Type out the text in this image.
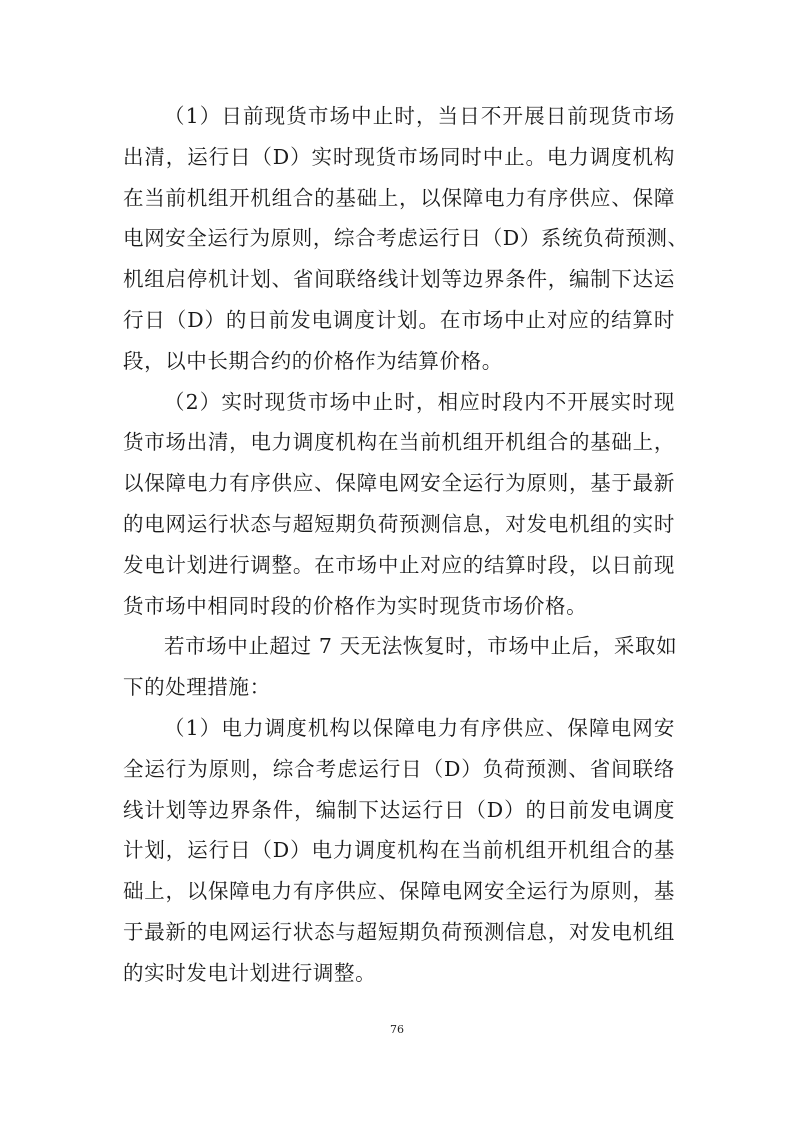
（1）日前现货市场中止时，当日不开展日前现货市场
出清，运行日（D）实时现货市场同时中止。电力调度机构
在当前机组开机组合的基础上，以保障电力有序供应、保障
电网安全运行为原则，综合考虑运行日（D）系统负荷预测、
机组启停机计划、省间联络线计划等边界条件，编制下达运
行日（D）的日前发电调度计划。在市场中止对应的结算时
段，以中长期合约的价格作为结算价格。

（2）实时现货市场中止时，相应时段内不开展实时现
货市场出清，电力调度机构在当前机组开机组合的基础上，
以保障电力有序供应、保障电网安全运行为原则，基于最新
的电网运行状态与超短期负荷预测信息，对发电机组的实时
发电计划进行调整。在市场中止对应的结算时段，以日前现
货市场中相同时段的价格作为实时现货市场价格。

若市场中止超过 7 天无法恢复时，市场中止后，采取如
下的处理措施：

（1）电力调度机构以保障电力有序供应、保障电网安
全运行为原则，综合考虑运行日（D）负荷预测、省间联络
线计划等边界条件，编制下达运行日（D）的日前发电调度
计划，运行日（D）电力调度机构在当前机组开机组合的基
础上，以保障电力有序供应、保障电网安全运行为原则，基
于最新的电网运行状态与超短期负荷预测信息，对发电机组
的实时发电计划进行调整。

76
